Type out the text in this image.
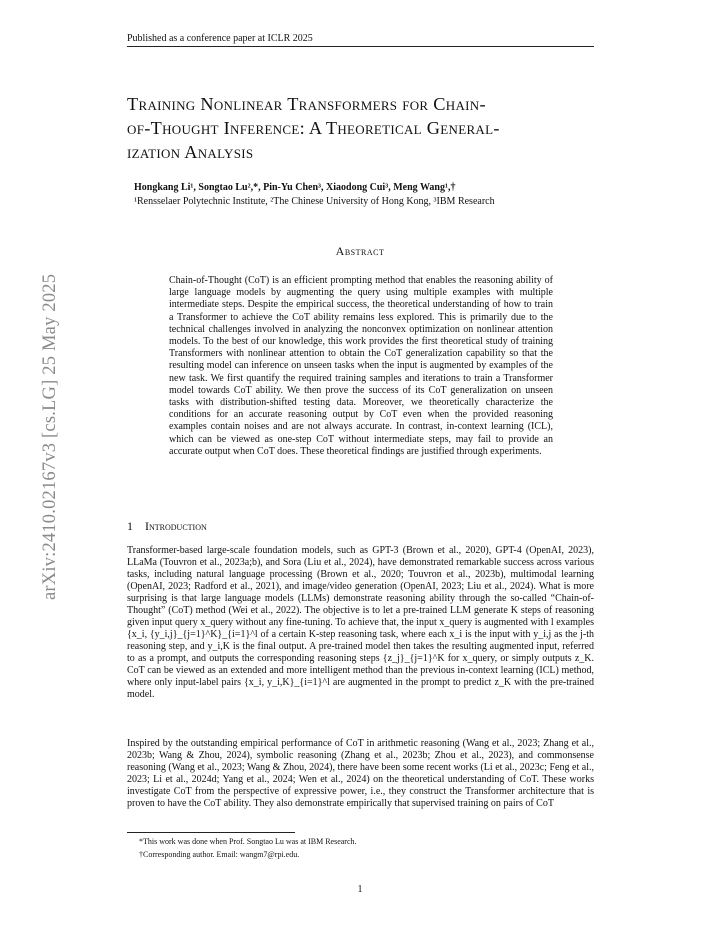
Published as a conference paper at ICLR 2025
arXiv:2410.02167v3 [cs.LG] 25 May 2025
Training Nonlinear Transformers for Chain-
of-Thought Inference: A Theoretical General-
ization Analysis
Hongkang Li¹, Songtao Lu²,*, Pin-Yu Chen³, Xiaodong Cui³, Meng Wang¹,†
¹Rensselaer Polytechnic Institute, ²The Chinese University of Hong Kong, ³IBM Research
Abstract
Chain-of-Thought (CoT) is an efficient prompting method that enables the reasoning ability of large language models by augmenting the query using multiple examples with multiple intermediate steps. Despite the empirical success, the theoretical understanding of how to train a Transformer to achieve the CoT ability remains less explored. This is primarily due to the technical challenges involved in analyzing the nonconvex optimization on nonlinear attention models. To the best of our knowledge, this work provides the first theoretical study of training Transformers with nonlinear attention to obtain the CoT generalization capability so that the resulting model can inference on unseen tasks when the input is augmented by examples of the new task. We first quantify the required training samples and iterations to train a Transformer model towards CoT ability. We then prove the success of its CoT generalization on unseen tasks with distribution-shifted testing data. Moreover, we theoretically characterize the conditions for an accurate reasoning output by CoT even when the provided reasoning examples contain noises and are not always accurate. In contrast, in-context learning (ICL), which can be viewed as one-step CoT without intermediate steps, may fail to provide an accurate output when CoT does. These theoretical findings are justified through experiments.
1 Introduction
Transformer-based large-scale foundation models, such as GPT-3 (Brown et al., 2020), GPT-4 (OpenAI, 2023), LLaMa (Touvron et al., 2023a;b), and Sora (Liu et al., 2024), have demonstrated remarkable success across various tasks, including natural language processing (Brown et al., 2020; Touvron et al., 2023b), multimodal learning (OpenAI, 2023; Radford et al., 2021), and image/video generation (OpenAI, 2023; Liu et al., 2024). What is more surprising is that large language models (LLMs) demonstrate reasoning ability through the so-called “Chain-of-Thought” (CoT) method (Wei et al., 2022). The objective is to let a pre-trained LLM generate K steps of reasoning given input query x_query without any fine-tuning. To achieve that, the input x_query is augmented with l examples {x_i, {y_i,j}_{j=1}^K}_{i=1}^l of a certain K-step reasoning task, where each x_i is the input with y_i,j as the j-th reasoning step, and y_i,K is the final output. A pre-trained model then takes the resulting augmented input, referred to as a prompt, and outputs the corresponding reasoning steps {z_j}_{j=1}^K for x_query, or simply outputs z_K. CoT can be viewed as an extended and more intelligent method than the previous in-context learning (ICL) method, where only input-label pairs {x_i, y_i,K}_{i=1}^l are augmented in the prompt to predict z_K with the pre-trained model.
Inspired by the outstanding empirical performance of CoT in arithmetic reasoning (Wang et al., 2023; Zhang et al., 2023b; Wang & Zhou, 2024), symbolic reasoning (Zhang et al., 2023b; Zhou et al., 2023), and commonsense reasoning (Wang et al., 2023; Wang & Zhou, 2024), there have been some recent works (Li et al., 2023c; Feng et al., 2023; Li et al., 2024d; Yang et al., 2024; Wen et al., 2024) on the theoretical understanding of CoT. These works investigate CoT from the perspective of expressive power, i.e., they construct the Transformer architecture that is proven to have the CoT ability. They also demonstrate empirically that supervised training on pairs of CoT
*This work was done when Prof. Songtao Lu was at IBM Research.
†Corresponding author. Email: wangm7@rpi.edu.
1
